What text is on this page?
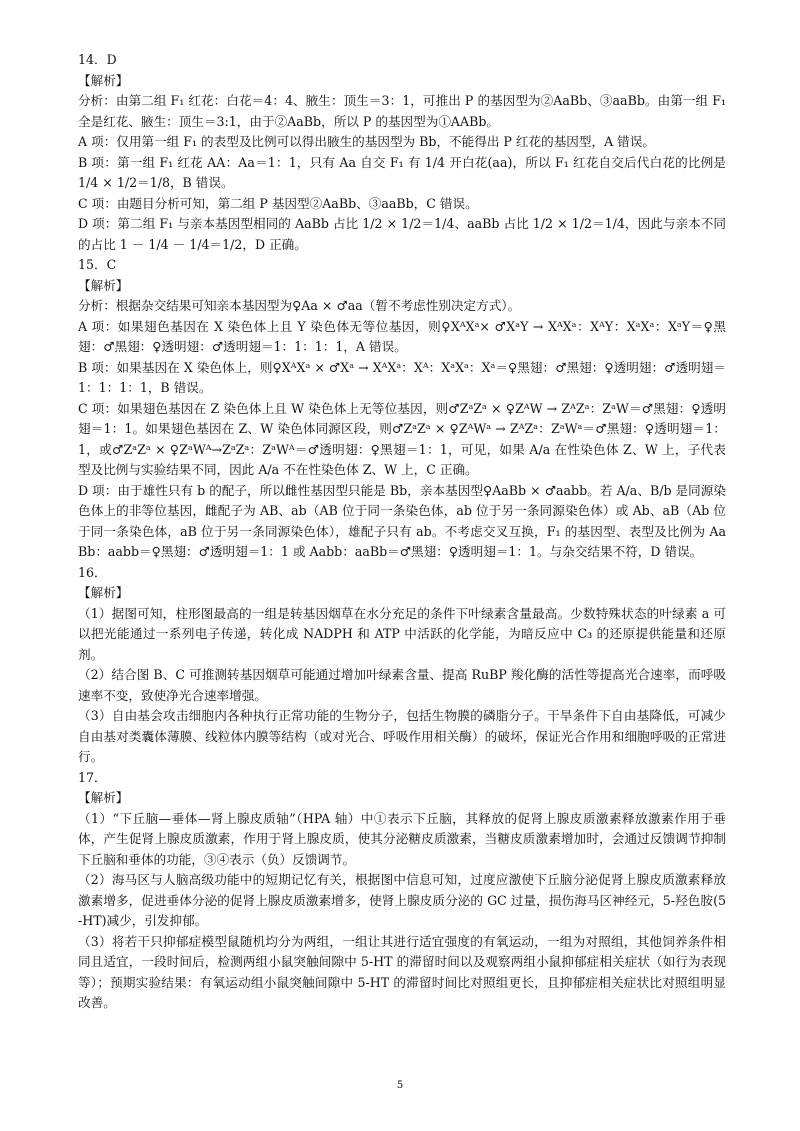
14．D

【解析】

分析：由第二组 F₁ 红花：白花＝4：4、腋生：顶生＝3：1，可推出 P 的基因型为②AaBb、③aaBb。由第一组 F₁ 全是红花、腋生：顶生＝3:1，由于②AaBb，所以 P 的基因型为①AABb。

A 项：仅用第一组 F₁ 的表型及比例可以得出腋生的基因型为 Bb，不能得出 P 红花的基因型，A 错误。

B 项：第一组 F₁ 红花 AA：Aa＝1：1，只有 Aa 自交 F₁ 有 1/4 开白花(aa)，所以 F₁ 红花自交后代白花的比例是 1/4 × 1/2＝1/8，B 错误。

C 项：由题目分析可知，第二组 P 基因型②AaBb、③aaBb，C 错误。

D 项：第二组 F₁ 与亲本基因型相同的 AaBb 占比 1/2 × 1/2＝1/4、aaBb 占比 1/2 × 1/2＝1/4，因此与亲本不同的占比 1 － 1/4 － 1/4＝1/2，D 正确。

15．C

【解析】

分析：根据杂交结果可知亲本基因型为♀Aa × ♂aa（暂不考虑性别决定方式）。

A 项：如果翅色基因在 X 染色体上且 Y 染色体无等位基因，则♀XᴬXᵃ× ♂XᵃY → XᴬXᵃ：XᴬY：XᵃXᵃ：XᵃY＝♀黑翅：♂黑翅：♀透明翅：♂透明翅＝1：1：1：1，A 错误。

B 项：如果基因在 X 染色体上，则♀XᴬXᵃ × ♂Xᵃ → XᴬXᵃ：Xᴬ：XᵃXᵃ：Xᵃ＝♀黑翅：♂黑翅：♀透明翅：♂透明翅＝1：1：1：1，B 错误。

C 项：如果翅色基因在 Z 染色体上且 W 染色体上无等位基因，则♂ZᵃZᵃ × ♀ZᴬW → ZᴬZᵃ：ZᵃW＝♂黑翅：♀透明翅＝1：1。如果翅色基因在 Z、W 染色体同源区段，则♂ZᵃZᵃ × ♀ZᴬWᵃ → ZᴬZᵃ：ZᵃWᵃ＝♂黑翅：♀透明翅＝1：1，或♂ZᵃZᵃ × ♀ZᵃWᴬ→ZᵃZᵃ：ZᵃWᴬ＝♂透明翅：♀黑翅＝1：1，可见，如果 A/a 在性染色体 Z、W 上，子代表型及比例与实验结果不同，因此 A/a 不在性染色体 Z、W 上，C 正确。

D 项：由于雄性只有 b 的配子，所以雌性基因型只能是 Bb，亲本基因型♀AaBb × ♂aabb。若 A/a、B/b 是同源染色体上的非等位基因，雌配子为 AB、ab（AB 位于同一条染色体，ab 位于另一条同源染色体）或 Ab、aB（Ab 位于同一条染色体，aB 位于另一条同源染色体），雄配子只有 ab。不考虑交叉互换，F₁ 的基因型、表型及比例为 AaBb：aabb＝♀黑翅：♂透明翅＝1：1 或 Aabb：aaBb＝♂黑翅：♀透明翅＝1：1。与杂交结果不符，D 错误。

16．

【解析】

（1）据图可知，柱形图最高的一组是转基因烟草在水分充足的条件下叶绿素含量最高。少数特殊状态的叶绿素 a 可以把光能通过一系列电子传递，转化成 NADPH 和 ATP 中活跃的化学能，为暗反应中 C₃ 的还原提供能量和还原剂。

（2）结合图 B、C 可推测转基因烟草可能通过增加叶绿素含量、提高 RuBP 羧化酶的活性等提高光合速率，而呼吸速率不变，致使净光合速率增强。

（3）自由基会攻击细胞内各种执行正常功能的生物分子，包括生物膜的磷脂分子。干旱条件下自由基降低，可减少自由基对类囊体薄膜、线粒体内膜等结构（或对光合、呼吸作用相关酶）的破坏，保证光合作用和细胞呼吸的正常进行。

17．

【解析】

（1）“下丘脑—垂体—肾上腺皮质轴”（HPA 轴）中①表示下丘脑，其释放的促肾上腺皮质激素释放激素作用于垂体，产生促肾上腺皮质激素，作用于肾上腺皮质，使其分泌糖皮质激素，当糖皮质激素增加时，会通过反馈调节抑制下丘脑和垂体的功能，③④表示（负）反馈调节。

（2）海马区与人脑高级功能中的短期记忆有关，根据图中信息可知，过度应激使下丘脑分泌促肾上腺皮质激素释放激素增多，促进垂体分泌的促肾上腺皮质激素增多，使肾上腺皮质分泌的 GC 过量，损伤海马区神经元，5-羟色胺(5-HT)减少，引发抑郁。

（3）将若干只抑郁症模型鼠随机均分为两组，一组让其进行适宜强度的有氧运动，一组为对照组，其他饲养条件相同且适宜，一段时间后，检测两组小鼠突触间隙中 5-HT 的滞留时间以及观察两组小鼠抑郁症相关症状（如行为表现等）；预期实验结果：有氧运动组小鼠突触间隙中 5-HT 的滞留时间比对照组更长，且抑郁症相关症状比对照组明显改善。

5
